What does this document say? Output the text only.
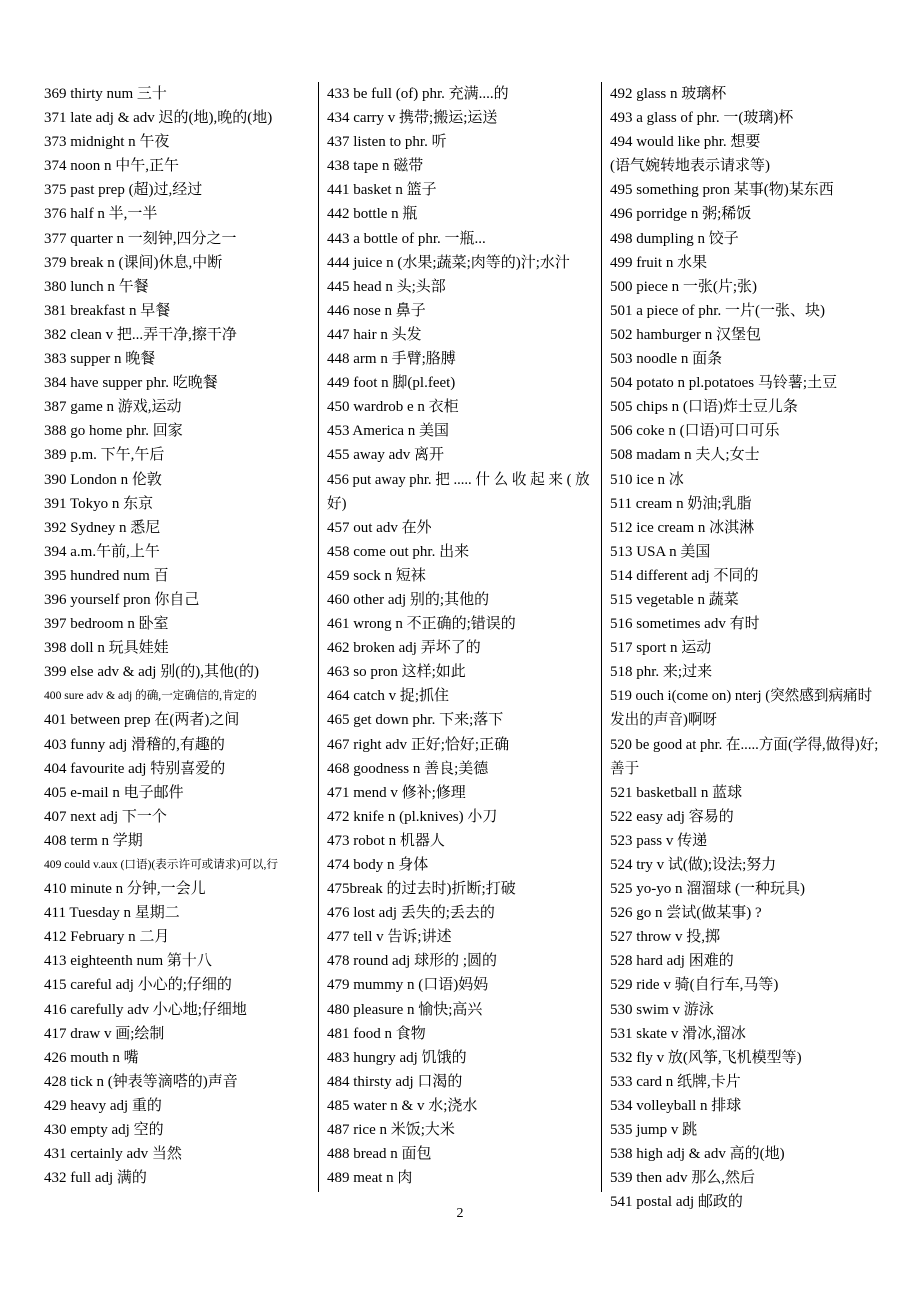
369 thirty num 三十
371 late adj & adv 迟的(地),晚的(地)
373 midnight n 午夜
374 noon n 中午,正午
375 past prep (超)过,经过
376 half n 半,一半
377 quarter n 一刻钟,四分之一
379 break n (课间)休息,中断
380 lunch n 午餐
381 breakfast n 早餐
382 clean v 把...弄干净,擦干净
383 supper n 晚餐
384 have supper phr. 吃晚餐
387 game n 游戏,运动
388 go home phr. 回家
389 p.m. 下午,午后
390 London n 伦敦
391 Tokyo n 东京
392 Sydney n 悉尼
394 a.m.午前,上午
395 hundred num 百
396 yourself pron 你自己
397 bedroom n 卧室
398 doll n 玩具娃娃
399 else adv & adj 别(的),其他(的)
400 sure adv & adj 的确,一定确信的,肯定的
401 between prep 在(两者)之间
403 funny adj 滑稽的,有趣的
404 favourite adj 特别喜爱的
405 e-mail n 电子邮件
407 next adj 下一个
408 term n 学期
409 could v.aux (口语)(表示许可或请求)可以,行
410 minute n 分钟,一会儿
411 Tuesday n 星期二
412 February n 二月
413 eighteenth num 第十八
415 careful adj 小心的;仔细的
416 carefully adv 小心地;仔细地
417 draw v 画;绘制
426 mouth n 嘴
428 tick n (钟表等滴嗒的)声音
429 heavy adj 重的
430 empty adj 空的
431 certainly adv 当然
432 full adj 满的
433 be full (of) phr. 充满....的
434 carry v 携带;搬运;运送
437 listen to phr. 听
438 tape n 磁带
441 basket n 篮子
442 bottle n 瓶
443 a bottle of phr. 一瓶...
444 juice n (水果;蔬菜;肉等的)汁;水汁
445 head n 头;头部
446 nose n 鼻子
447 hair n 头发
448 arm n 手臂;胳膊
449 foot n 脚(pl.feet)
450 wardrob e n 衣柜
453 America n 美国
455 away adv 离开
456 put away phr. 把 ..... 什 么 收 起 来 ( 放 好)
457 out adv 在外
458 come out phr. 出来
459 sock n 短袜
460 other adj 别的;其他的
461 wrong n 不正确的;错误的
462 broken adj 弄坏了的
463 so pron 这样;如此
464 catch v 捉;抓住
465 get down phr. 下来;落下
467 right adv 正好;恰好;正确
468 goodness n 善良;美德
471 mend v 修补;修理
472 knife n (pl.knives) 小刀
473 robot n 机器人
474 body n 身体
475break 的过去时)折断;打破
476 lost adj 丢失的;丢去的
477 tell v 告诉;讲述
478 round adj 球形的 ;圆的
479 mummy n (口语)妈妈
480 pleasure n 愉快;高兴
481 food n 食物
483 hungry adj 饥饿的
484 thirsty adj 口渴的
485 water n & v 水;浇水
487 rice n 米饭;大米
488 bread n 面包
489 meat n 肉
492 glass n 玻璃杯
493 a glass of phr. 一(玻璃)杯
494 would like phr. 想要
(语气婉转地表示请求等)
495 something pron 某事(物)某东西
496 porridge n 粥;稀饭
498 dumpling n 饺子
499 fruit n 水果
500 piece n 一张(片;张)
501 a piece of phr. 一片(一张、块)
502 hamburger n 汉堡包
503 noodle n 面条
504 potato n pl.potatoes 马铃薯;土豆
505 chips n (口语)炸士豆儿条
506 coke n (口语)可口可乐
508 madam n 夫人;女士
510 ice n 冰
511 cream n 奶油;乳脂
512 ice cream n 冰淇淋
513 USA n 美国
514 different adj 不同的
515 vegetable n 蔬菜
516 sometimes adv 有时
517 sport n 运动
518 phr. 来;过来
519 ouch i(come on) nterj (突然感到病痛时发出的声音)啊呀
520 be good at phr. 在.....方面(学得,做得)好;善于
521 basketball n 蓝球
522 easy adj 容易的
523 pass v 传递
524 try v 试(做);设法;努力
525 yo-yo n 溜溜球 (一种玩具)
526 go n 尝试(做某事) ?
527 throw v 投,掷
528 hard adj 困难的
529 ride v 骑(自行车,马等)
530 swim v 游泳
531 skate v 滑冰,溜冰
532 fly v 放(风筝,飞机模型等)
533 card n 纸牌,卡片
534 volleyball n 排球
535 jump v 跳
538 high adj & adv 高的(地)
539 then adv 那么,然后
541 postal adj 邮政的
2
